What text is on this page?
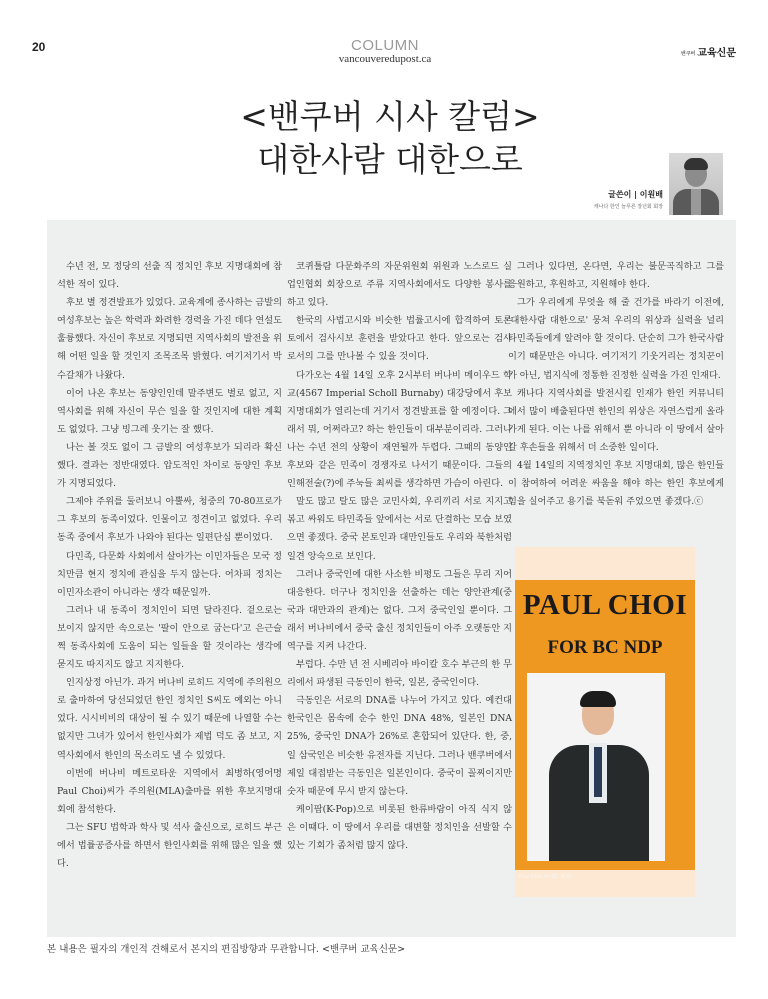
20	COLUMN
vancouveredupost.ca	밴쿠버 교육신문
<밴쿠버 시사 칼럼>
대한사람 대한으로
글쓴이 | 이원배
캐나다 한인 늘푸른 장년회 회장

수년 전, 모 정당의 선출 직 정치인 후보 지명대회에 참석한 적이 있다.

후보 별 정견발표가 있었다. 교육계에 종사하는 금발의 여성후보는 높은 학력과 화려한 경력을 가진 데다 연설도 훌륭했다. 자신이 후보로 지명되면 지역사회의 발전을 위해 어떤 일을 할 것인지 조목조목 밝혔다. 여기저기서 박수갈채가 나왔다.

이어 나온 후보는 동양인인데 말주변도 별로 없고, 지역사회를 위해 자신이 무슨 일을 할 것인지에 대한 계획도 없었다. 그냥 빙그레 웃기는 잘 했다.

나는 볼 것도 없이 그 금발의 여성후보가 되리라 확신했다. 결과는 정반대였다. 압도적인 차이로 동양인 후보가 지명되었다.

그제야 주위를 둘러보니 아뿔싸, 청중의 70-80프로가 그 후보의 동족이었다. 인물이고 정견이고 없었다. 우리 동족 중에서 후보가 나와야 된다는 일편단심 뿐이었다.

다민족, 다문화 사회에서 살아가는 이민자들은 모국 정치만큼 현지 정치에 관심을 두지 않는다. 어차피 정치는 이민자소관이 아니라는 생각 때문일까.

그러나 내 동족이 정치인이 되면 달라진다. 겉으로는 보이지 않지만 속으로는 '팔이 안으로 굽는다'고 은근슬쩍 동족사회에 도움이 되는 일들을 할 것이라는 생각에 묻지도 따지지도 않고 지지한다.

인지상정 아닌가. 과거 버나비 로히드 지역에 주의원으로 출마하여 당선되었던 한인 정치인 S씨도 예외는 아니었다. 시시비비의 대상이 될 수 있기 때문에 나열할 수는 없지만 그녀가 있어서 한인사회가 제법 덕도 좀 보고, 지역사회에서 한인의 목소리도 낼 수 있었다.

이번에 버나비 메트로타운 지역에서 최병하(영어명 Paul Choi)씨가 주의원(MLA)출마를 위한 후보지명대회에 참석한다.

그는 SFU 법학과 학사 및 석사 출신으로, 로히드 부근에서 법률공증사를 하면서 한인사회를 위해 많은 일을 했다.

코퀴틀람 다문화주의 자문위원회 위원과 노스로드 실업인협회 회장으로 주류 지역사회에서도 다양한 봉사를 하고 있다.

한국의 사법고시와 비슷한 법률고시에 합격하여 토론토에서 검사시보 훈련을 받았다고 한다. 앞으로는 검사 로서의 그를 만나볼 수 있을 것이다.

다가오는 4월 14일 오후 2시부터 버나비 메이우드 학교(4567 Imperial Scholl Burnaby) 대강당에서 후보지명대회가 열리는데 거기서 정견발표를 할 예정이다. 그래서 뭐, 어쩌라고? 하는 한인들이 대부분이리라. 그러나 나는 수년 전의 상황이 재연될까 두렵다. 그때의 동양인 후보와 같은 민족이 경쟁자로 나서기 때문이다. 그들의 인해전술(?)에 주눅들 최씨를 생각하면 가슴이 아린다.

말도 많고 탈도 많은 교민사회, 우리끼리 서로 지지고 볶고 싸워도 타민족들 앞에서는 서로 단결하는 모습 보였으면 좋겠다. 중국 본토인과 대만인들도 우리와 북한처럼 일견 앙숙으로 보인다.

그러나 중국인에 대한 사소한 비평도 그들은 무리 지어 대응한다. 더구나 정치인을 선출하는 데는 양안관계(중국과 대만과의 관계)는 없다. 그저 중국인일 뿐이다. 그래서 버나비에서 중국 출신 정치인들이 아주 오랫동안 지역구를 지켜 나간다.

부럽다. 수만 년 전 시베리아 바이칼 호수 부근의 한 무리에서 파생된 극동인이 한국, 일본, 중국인이다.

극동인은 서로의 DNA를 나누어 가지고 있다. 예컨대 한국인은 몸속에 순수 한인 DNA 48%, 일본인 DNA 25%, 중국인 DNA가 26%로 혼합되어 있단다. 한, 중, 일 삼국인은 비슷한 유전자를 지닌다. 그러나 밴쿠버에서 제일 대접받는 극동인은 일본인이다. 중국이 꼴찌이지만 숫자 때문에 무시 받지 않는다.

케이팝(K-Pop)으로 비롯된 한류바람이 아직 식지 않은 이때다. 이 땅에서 우리를 대변할 정치인을 선발할 수 있는 기회가 좀처럼 많지 않다.

그러나 있다면, 온다면, 우리는 불문곡직하고 그를 응원하고, 후원하고, 지원해야 한다.

그가 우리에게 무엇을 해 줄 건가를 바라기 이전에, '대한사람 대한으로' 뭉쳐 우리의 위상과 실력을 널리 타민족들에게 알려야 할 것이다. 단순히 그가 한국사람이기 때문만은 아니다. 여기저기 기웃거리는 정치꾼이가 아닌, 법지식에 정통한 진정한 실력을 가진 인재다.

캐나다 지역사회를 발전시킬 인재가 한인 커뮤니티에서 많이 배출된다면 한인의 위상은 자연스럽게 올라가게 된다. 이는 나를 위해서 뿐 아니라 이 땅에서 살아갈 후손들을 위해서 더 소중한 일이다.

4월 14일의 지역정치인 후보 지명대회, 많은 한인들이 참여하여 어려운 싸움을 해야 하는 한인 후보에게 힘을 실어주고 용기를 북돋워 주었으면 좋겠다.ⓒ

PAUL CHOI
FOR BC NDP
Paul Choi for BC NDP
본 내용은 필자의 개인적 견해로서 본지의 편집방향과 무관합니다. <밴쿠버 교육신문>
